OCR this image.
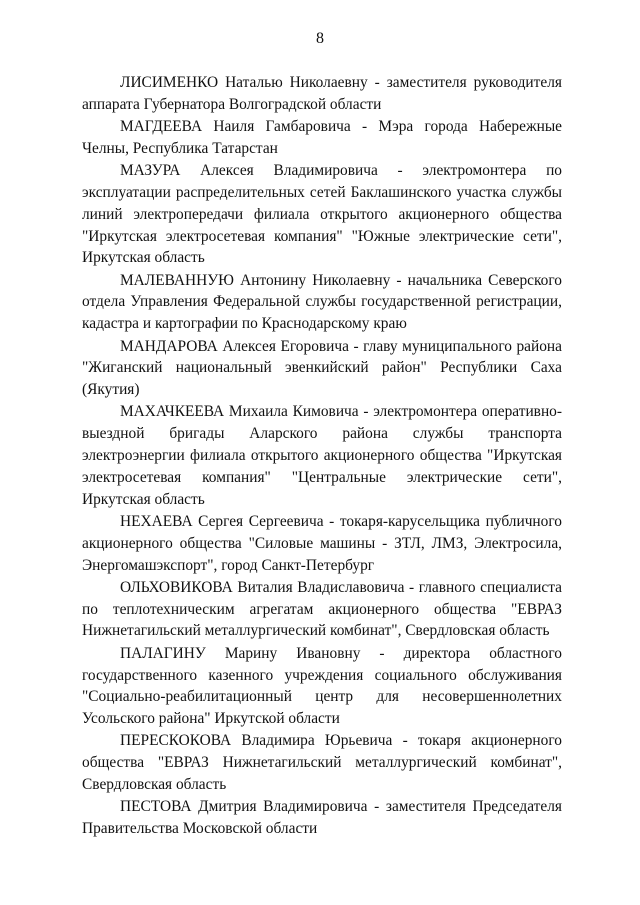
8

ЛИСИМЕНКО Наталью Николаевну - заместителя руководителя аппарата Губернатора Волгоградской области

МАГДЕЕВА Наиля Гамбаровича - Мэра города Набережные Челны, Республика Татарстан

МАЗУРА Алексея Владимировича - электромонтера по эксплуатации распределительных сетей Баклашинского участка службы линий электропередачи филиала открытого акционерного общества "Иркутская электросетевая компания" "Южные электрические сети", Иркутская область

МАЛЕВАННУЮ Антонину Николаевну - начальника Северского отдела Управления Федеральной службы государственной регистрации, кадастра и картографии по Краснодарскому краю

МАНДАРОВА Алексея Егоровича - главу муниципального района "Жиганский национальный эвенкийский район" Республики Саха (Якутия)

МАХАЧКЕЕВА Михаила Кимовича - электромонтера оперативно-выездной бригады Аларского района службы транспорта электроэнергии филиала открытого акционерного общества "Иркутская электросетевая компания" "Центральные электрические сети", Иркутская область

НЕХАЕВА Сергея Сергеевича - токаря-карусельщика публичного акционерного общества "Силовые машины - ЗТЛ, ЛМЗ, Электросила, Энергомашэкспорт", город Санкт-Петербург

ОЛЬХОВИКОВА Виталия Владиславовича - главного специалиста по теплотехническим агрегатам акционерного общества "ЕВРАЗ Нижнетагильский металлургический комбинат", Свердловская область

ПАЛАГИНУ Марину Ивановну - директора областного государственного казенного учреждения социального обслуживания "Социально-реабилитационный центр для несовершеннолетних Усольского района" Иркутской области

ПЕРЕСКОКОВА Владимира Юрьевича - токаря акционерного общества "ЕВРАЗ Нижнетагильский металлургический комбинат", Свердловская область

ПЕСТОВА Дмитрия Владимировича - заместителя Председателя Правительства Московской области
